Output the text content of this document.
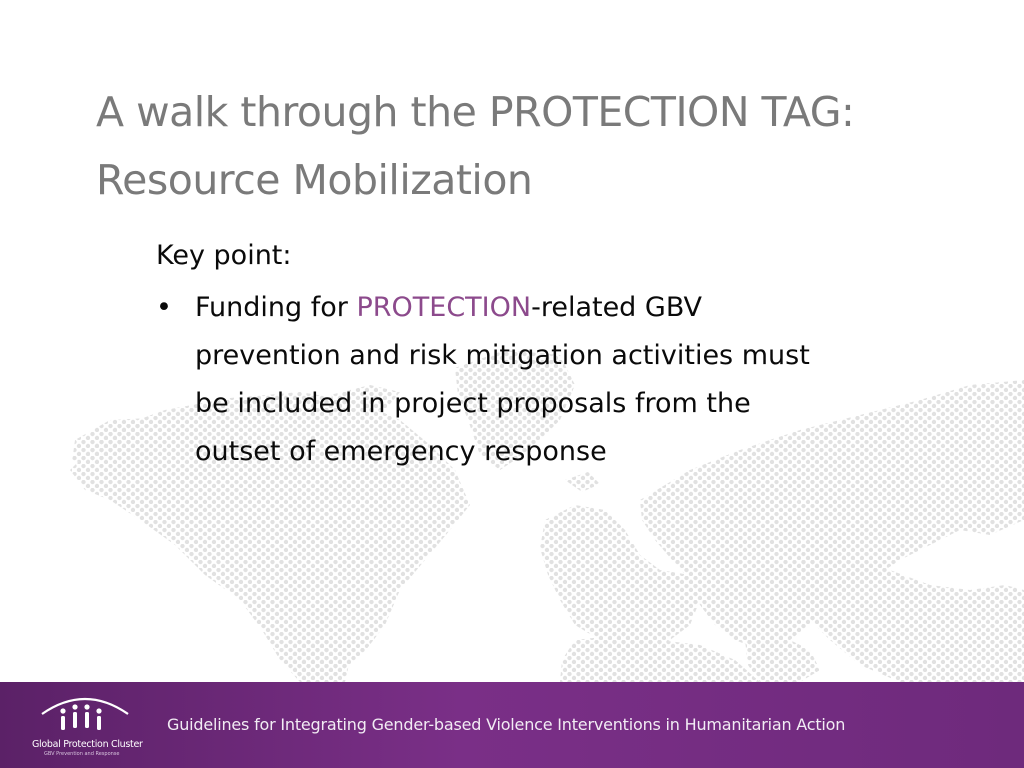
A walk through the PROTECTION TAG:
Resource Mobilization

Key point:

• Funding for PROTECTION-related GBV
prevention and risk mitigation activities must
be included in project proposals from the
outset of emergency response
Global Protection Cluster
GBV Prevention and Response
Guidelines for Integrating Gender-based Violence Interventions in Humanitarian Action
